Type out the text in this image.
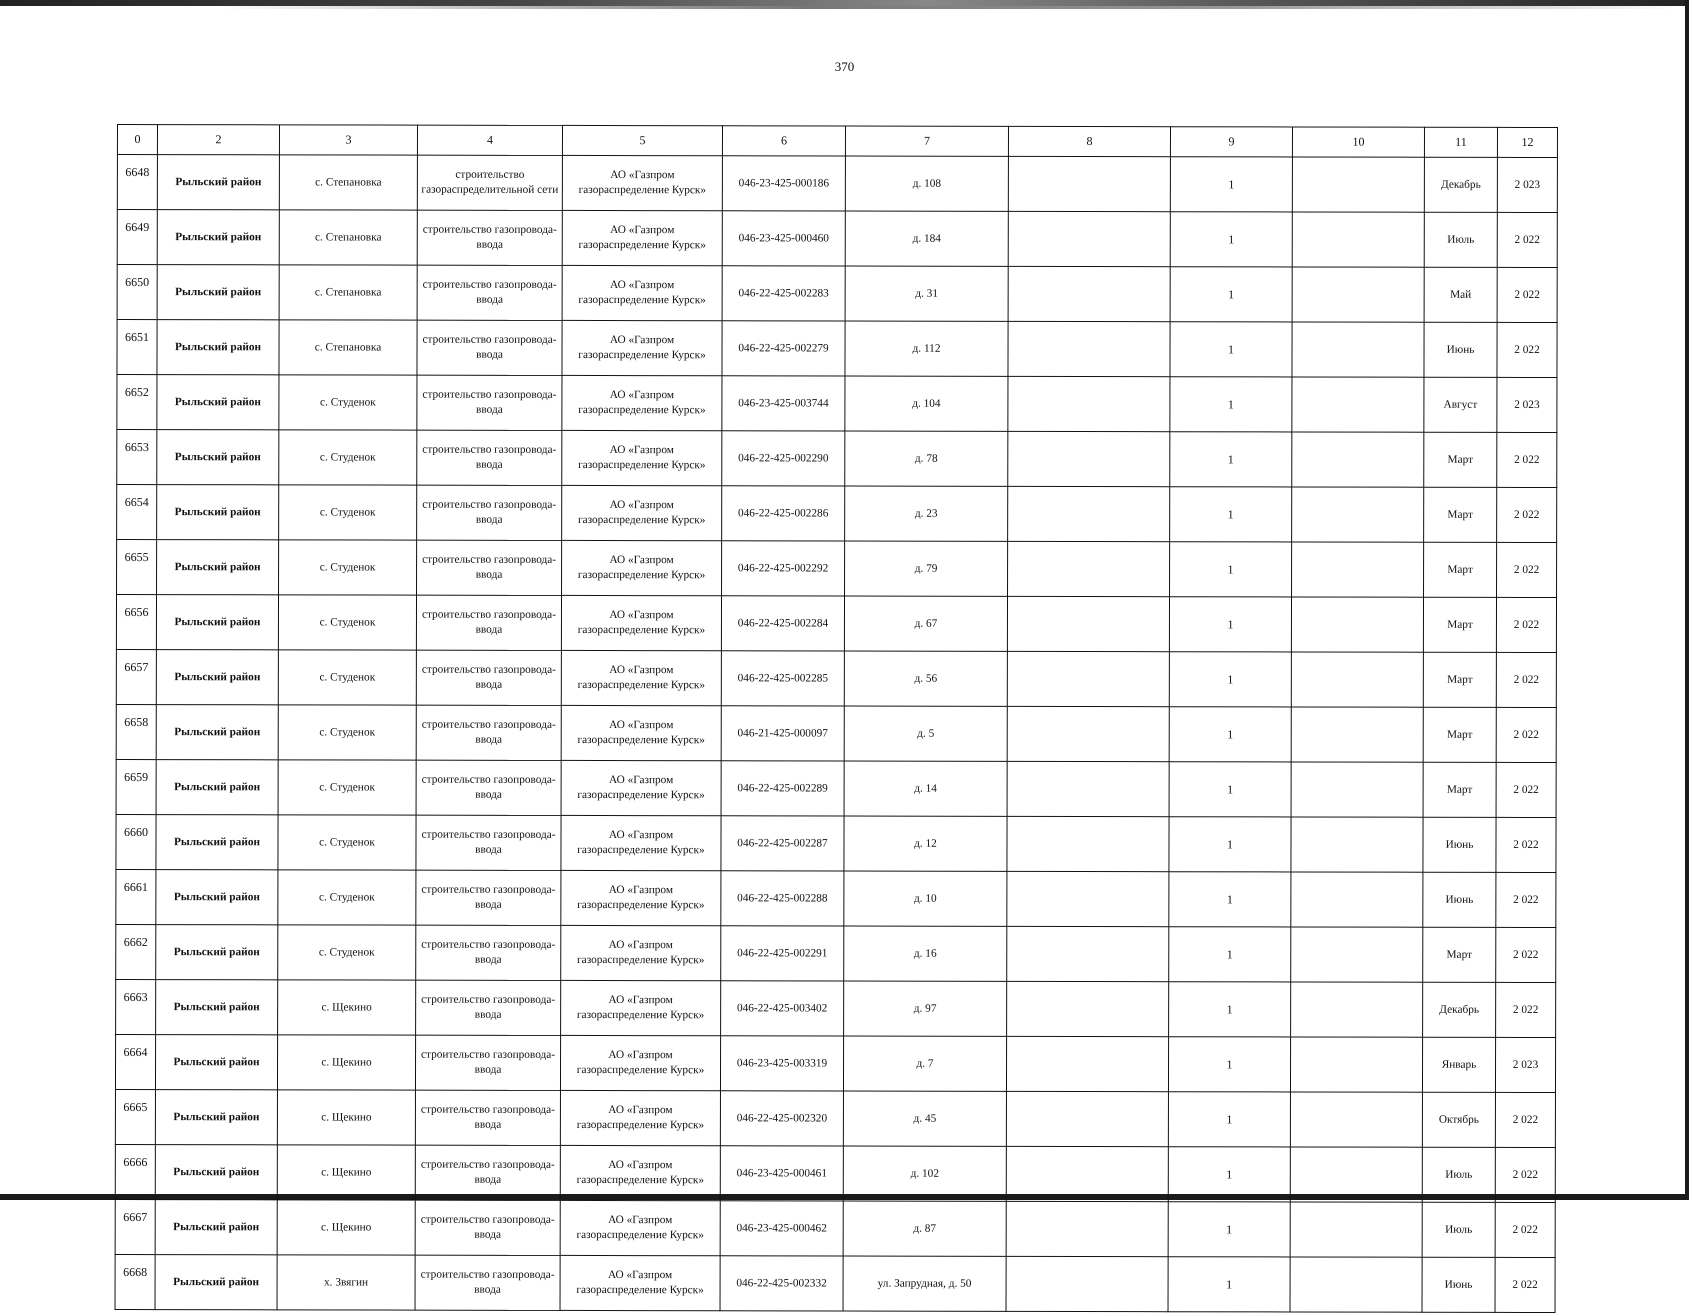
370
0	2	3	4	5	6	7	8	9	10	11	12
6648	Рыльский район	с. Степановка	строительство газораспределительной сети	АО «Газпром газораспределение Курск»	046-23-425-000186	д. 108		1		Декабрь	2 023
6649	Рыльский район	с. Степановка	строительство газопровода-ввода	АО «Газпром газораспределение Курск»	046-23-425-000460	д. 184		1		Июль	2 022
6650	Рыльский район	с. Степановка	строительство газопровода-ввода	АО «Газпром газораспределение Курск»	046-22-425-002283	д. 31		1		Май	2 022
6651	Рыльский район	с. Степановка	строительство газопровода-ввода	АО «Газпром газораспределение Курск»	046-22-425-002279	д. 112		1		Июнь	2 022
6652	Рыльский район	с. Студенок	строительство газопровода-ввода	АО «Газпром газораспределение Курск»	046-23-425-003744	д. 104		1		Август	2 023
6653	Рыльский район	с. Студенок	строительство газопровода-ввода	АО «Газпром газораспределение Курск»	046-22-425-002290	д. 78		1		Март	2 022
6654	Рыльский район	с. Студенок	строительство газопровода-ввода	АО «Газпром газораспределение Курск»	046-22-425-002286	д. 23		1		Март	2 022
6655	Рыльский район	с. Студенок	строительство газопровода-ввода	АО «Газпром газораспределение Курск»	046-22-425-002292	д. 79		1		Март	2 022
6656	Рыльский район	с. Студенок	строительство газопровода-ввода	АО «Газпром газораспределение Курск»	046-22-425-002284	д. 67		1		Март	2 022
6657	Рыльский район	с. Студенок	строительство газопровода-ввода	АО «Газпром газораспределение Курск»	046-22-425-002285	д. 56		1		Март	2 022
6658	Рыльский район	с. Студенок	строительство газопровода-ввода	АО «Газпром газораспределение Курск»	046-21-425-000097	д. 5		1		Март	2 022
6659	Рыльский район	с. Студенок	строительство газопровода-ввода	АО «Газпром газораспределение Курск»	046-22-425-002289	д. 14		1		Март	2 022
6660	Рыльский район	с. Студенок	строительство газопровода-ввода	АО «Газпром газораспределение Курск»	046-22-425-002287	д. 12		1		Июнь	2 022
6661	Рыльский район	с. Студенок	строительство газопровода-ввода	АО «Газпром газораспределение Курск»	046-22-425-002288	д. 10		1		Июнь	2 022
6662	Рыльский район	с. Студенок	строительство газопровода-ввода	АО «Газпром газораспределение Курск»	046-22-425-002291	д. 16		1		Март	2 022
6663	Рыльский район	с. Щекино	строительство газопровода-ввода	АО «Газпром газораспределение Курск»	046-22-425-003402	д. 97		1		Декабрь	2 022
6664	Рыльский район	с. Щекино	строительство газопровода-ввода	АО «Газпром газораспределение Курск»	046-23-425-003319	д. 7		1		Январь	2 023
6665	Рыльский район	с. Щекино	строительство газопровода-ввода	АО «Газпром газораспределение Курск»	046-22-425-002320	д. 45		1		Октябрь	2 022
6666	Рыльский район	с. Щекино	строительство газопровода-ввода	АО «Газпром газораспределение Курск»	046-23-425-000461	д. 102		1		Июль	2 022
6667	Рыльский район	с. Щекино	строительство газопровода-ввода	АО «Газпром газораспределение Курск»	046-23-425-000462	д. 87		1		Июль	2 022
6668	Рыльский район	х. Звягин	строительство газопровода-ввода	АО «Газпром газораспределение Курск»	046-22-425-002332	ул. Запрудная, д. 50		1		Июнь	2 022
